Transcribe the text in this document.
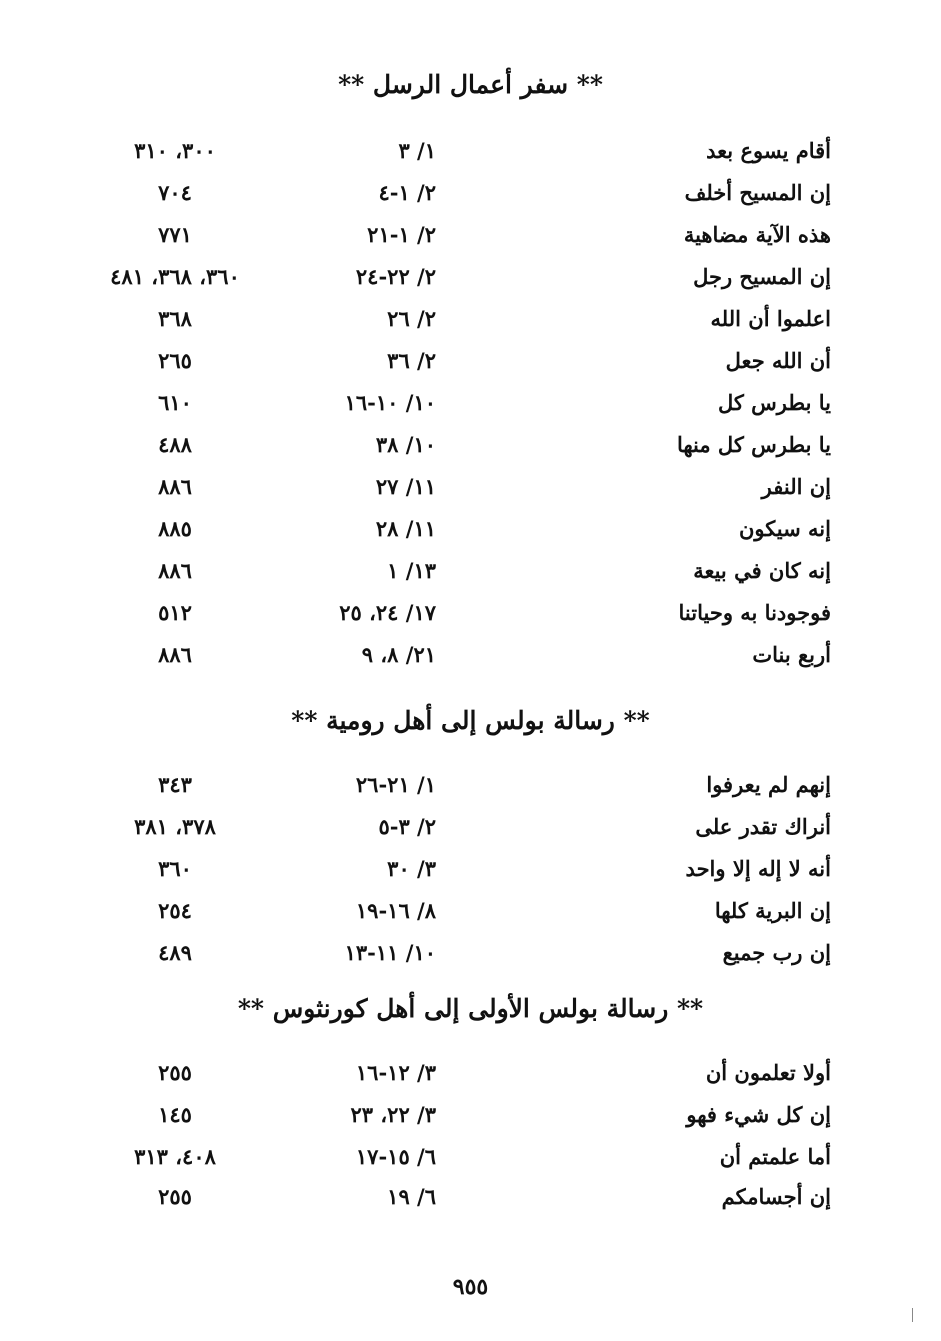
** سفر أعمال الرسل **
أقام يسوع بعد
١/ ٣
٣٠٠، ٣١٠
إن المسيح أخلف
٢/ ١-٤
٧٠٤
هذه الآية مضاهية
٢/ ١-٢١
٧٧١
إن المسيح رجل
٢/ ٢٢-٢٤
٣٦٠، ٣٦٨، ٤٨١
اعلموا أن الله
٢/ ٢٦
٣٦٨
أن الله جعل
٢/ ٣٦
٢٦٥
يا بطرس كل
١٠/ ١٠-١٦
٦١٠
يا بطرس كل منها
١٠/ ٣٨
٤٨٨
إن النفر
١١/ ٢٧
٨٨٦
إنه سيكون
١١/ ٢٨
٨٨٥
إنه كان في بيعة
١٣/ ١
٨٨٦
فوجودنا به وحياتنا
١٧/ ٢٤، ٢٥
٥١٢
أربع بنات
٢١/ ٨، ٩
٨٨٦
** رسالة بولس إلى أهل رومية **
إنهم لم يعرفوا
١/ ٢١-٢٦
٣٤٣
أنراك تقدر على
٢/ ٣-٥
٣٧٨، ٣٨١
أنه لا إله إلا واحد
٣/ ٣٠
٣٦٠
إن البرية كلها
٨/ ١٦-١٩
٢٥٤
إن رب جميع
١٠/ ١١-١٣
٤٨٩
** رسالة بولس الأولى إلى أهل كورنثوس **
أولا تعلمون أن
٣/ ١٢-١٦
٢٥٥
إن كل شيء فهو
٣/ ٢٢، ٢٣
١٤٥
أما علمتم أن
٦/ ١٥-١٧
٤٠٨، ٣١٣
إن أجسامكم
٦/ ١٩
٢٥٥
٩٥٥
